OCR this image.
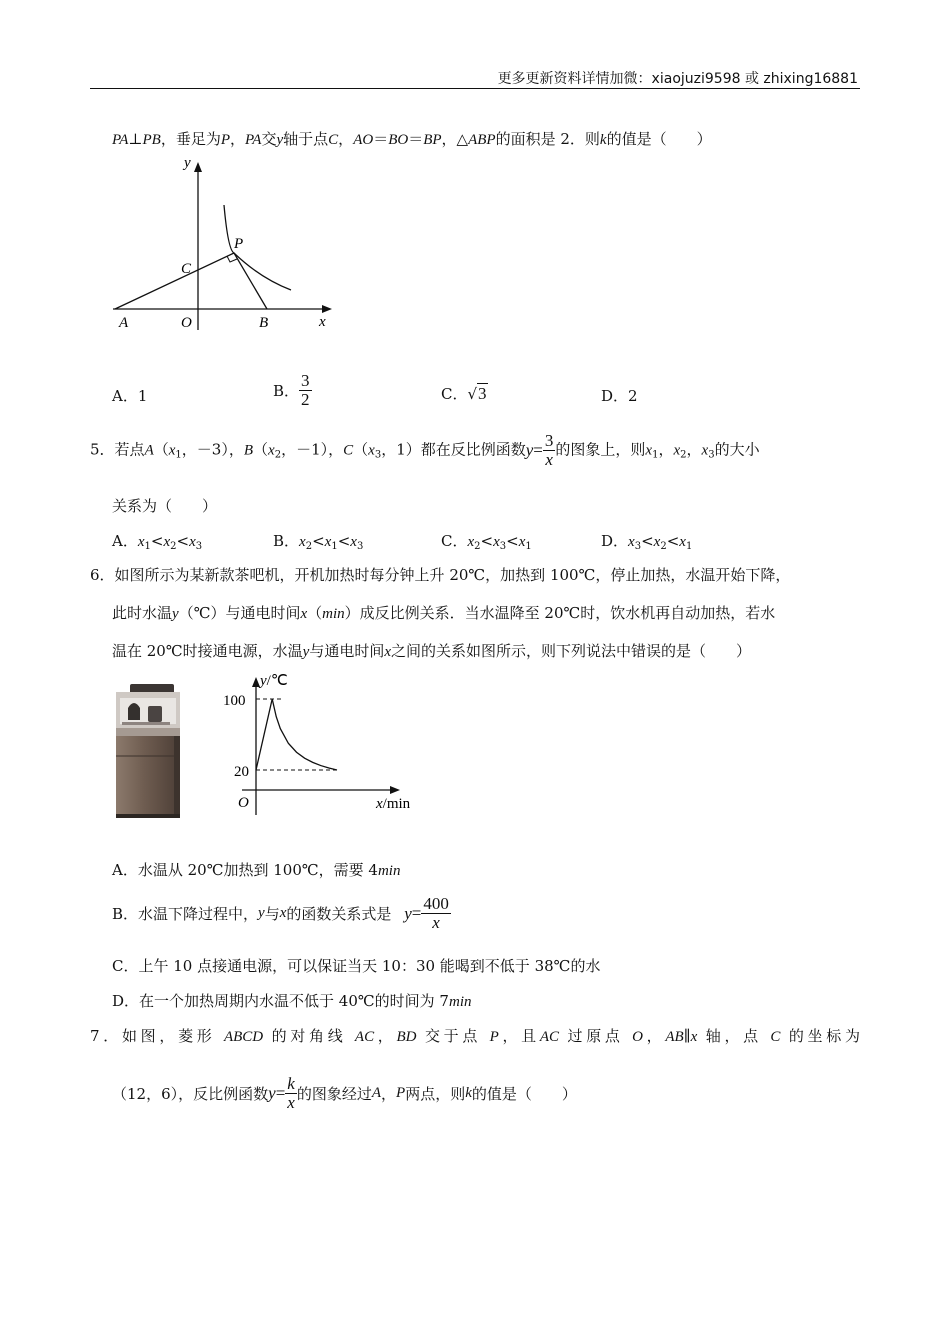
更多更新资料详情加微：xiaojuzi9598 或 zhixing16881
PA⊥PB，垂足为P，PA交y轴于点C，AO＝BO＝BP，△ABP的面积是 2．则k的值是（　　）
y
x
C
P
A	O	B
A．1	B． $\frac{3}{2}$	C．√3	D．2
5．若点$A(x_1$，－3），$B(x_2$，－1），$C(x_3$，1）都在反比例函数$y= \frac{3}{x}$ 的图象上，则$x_1$，$x_2$，$x_3$的大小
关系为（　　）
A．$x_1<x_2<x_3$	B．$x_2<x_1<x_3$	C．$x_2<x_3<x_1$	D．$x_3<x_2<x_1$
6．如图所示为某新款茶吧机，开机加热时每分钟上升 20℃，加热到 100℃，停止加热，水温开始下降，
此时水温y（℃）与通电时间x（min）成反比例关系．当水温降至 20℃时，饮水机再自动加热，若水
温在 20℃时接通电源，水温y与通电时间x之间的关系如图所示，则下列说法中错误的是（　　）
100
20
O
y/℃
x/min
A．水温从 20℃加热到 100℃，需要 4min
B．水温下降过程中，y与x的函数关系式是 $y= \frac{400}{x}$
C．上午 10 点接通电源，可以保证当天 10：30 能喝到不低于 38℃的水
D．在一个加热周期内水温不低于 40℃的时间为 7min
7．如图，菱形 ABCD 的对角线 AC，BD 交于点 P，且AC 过原点 O，AB∥x 轴，点 C 的坐标为
（12，6），反比例函数$y= \frac{k}{x}$ 的图象经过A，P两点，则k的值是（　　）
